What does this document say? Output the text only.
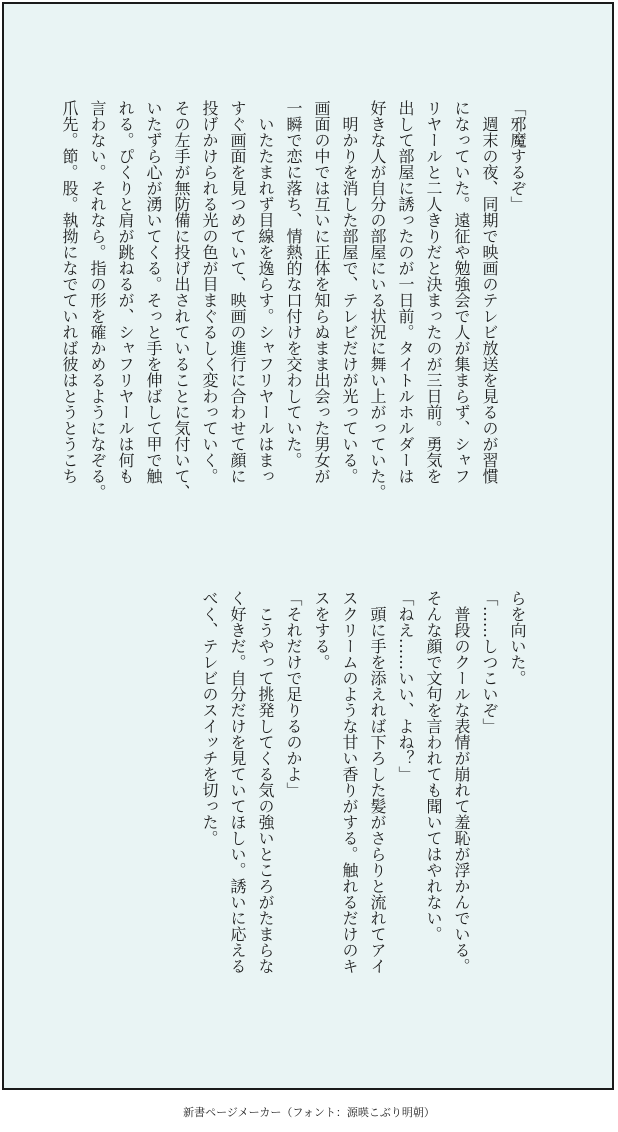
「邪魔するぞ」
　週末の夜、同期で映画のテレビ放送を見るのが習慣
になっていた。遠征や勉強会で人が集まらず、シャフ
リヤールと二人きりだと決まったのが三日前。勇気を
出して部屋に誘ったのが一日前。タイトルホルダーは
好きな人が自分の部屋にいる状況に舞い上がっていた。
　明かりを消した部屋で、テレビだけが光っている。
画面の中では互いに正体を知らぬまま出会った男女が
一瞬で恋に落ち、情熱的な口付けを交わしていた。
　いたたまれず目線を逸らす。シャフリヤールはまっ
すぐ画面を見つめていて、映画の進行に合わせて顔に
投げかけられる光の色が目まぐるしく変わっていく。
その左手が無防備に投げ出されていることに気付いて、
いたずら心が湧いてくる。そっと手を伸ばして甲で触
れる。ぴくりと肩が跳ねるが、シャフリヤールは何も
言わない。それなら。指の形を確かめるようになぞる。
爪先。節。股。執拗になでていれば彼はとうとうこち
らを向いた。
「……しつこいぞ」
　普段のクールな表情が崩れて羞恥が浮かんでいる。
そんな顔で文句を言われても聞いてはやれない。
「ねえ……いい、よね？」
　頭に手を添えれば下ろした髪がさらりと流れてアイ
スクリームのような甘い香りがする。触れるだけのキ
スをする。
「それだけで足りるのかよ」
　こうやって挑発してくる気の強いところがたまらな
く好きだ。自分だけを見ていてほしい。誘いに応える
べく、テレビのスイッチを切った。
新書ページメーカー（フォント：源暎こぶり明朝）
